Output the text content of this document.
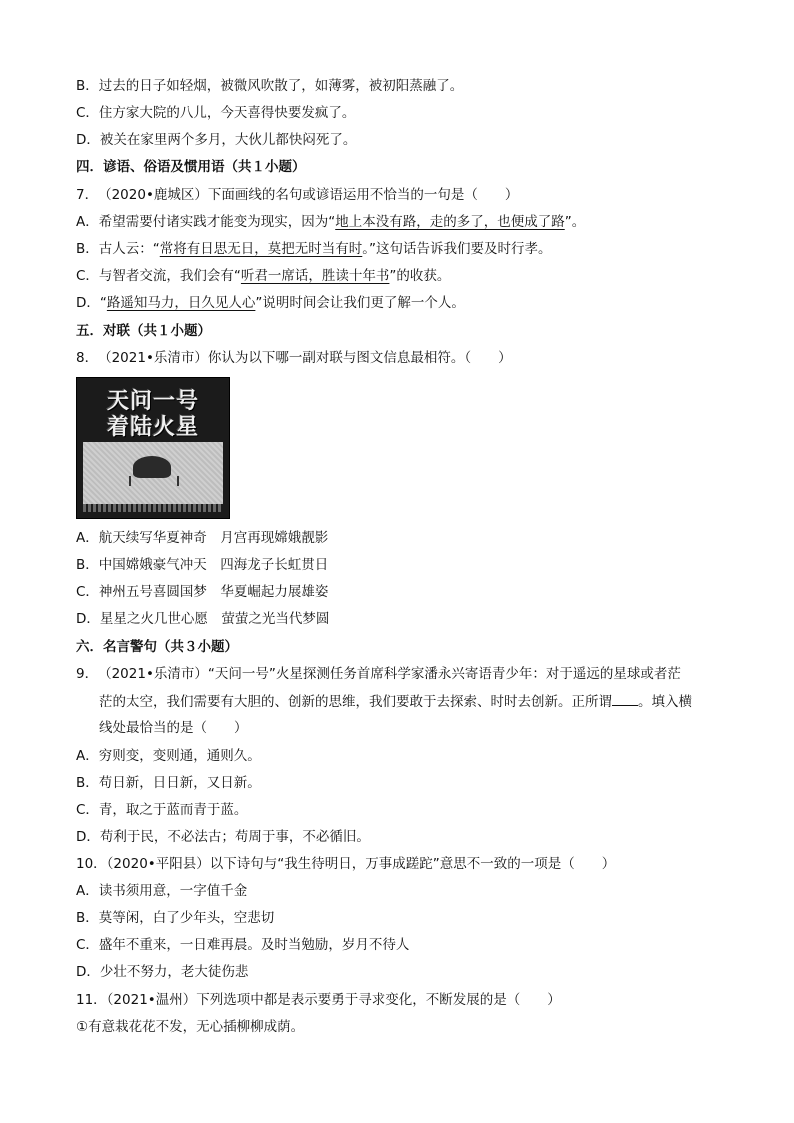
B．过去的日子如轻烟，被微风吹散了，如薄雾，被初阳蒸融了。
C．住方家大院的八儿，今天喜得快要发疯了。
D．被关在家里两个多月，大伙儿都快闷死了。
四．谚语、俗语及惯用语（共１小题）
7．　（2020•鹿城区）下面画线的名句或谚语运用不恰当的一句是（　　）
A．希望需要付诸实践才能变为现实，因为“地上本没有路，走的多了，也便成了路”。
B．古人云：“常将有日思无日，莫把无时当有时。”这句话告诉我们要及时行孝。
C．与智者交流，我们会有“听君一席话，胜读十年书”的收获。
D．“路遥知马力，日久见人心”说明时间会让我们更了解一个人。
五．对联（共１小题）
8．　（2021•乐清市）你认为以下哪一副对联与图文信息最相符。（　　）
天问一号
着陆火星
A．航天续写华夏神奇　月宫再现嫦娥靓影
B．中国嫦娥豪气冲天　四海龙子长虹贯日
C．神州五号喜圆国梦　华夏崛起力展雄姿
D．星星之火几世心愿　萤萤之光当代梦圆
六．名言警句（共３小题）
9．　（2021•乐清市）“天问一号”火星探测任务首席科学家潘永兴寄语青少年：对于遥远的星球或者茫
茫的太空，我们需要有大胆的、创新的思维，我们要敢于去探索、时时去创新。正所谓 。填入横
线处最恰当的是（　　）
A．穷则变，变则通，通则久。
B．苟日新，日日新，又日新。
C．青，取之于蓝而青于蓝。
D．苟利于民，不必法古；苟周于事，不必循旧。
10．（2020•平阳县）以下诗句与“我生待明日，万事成蹉跎”意思不一致的一项是（　　）
A．读书须用意，一字值千金
B．莫等闲，白了少年头，空悲切
C．盛年不重来，一日难再晨。及时当勉励，岁月不待人
D．少壮不努力，老大徒伤悲
11．（2021•温州）下列选项中都是表示要勇于寻求变化，不断发展的是（　　）
①有意栽花花不发，无心插柳柳成荫。
